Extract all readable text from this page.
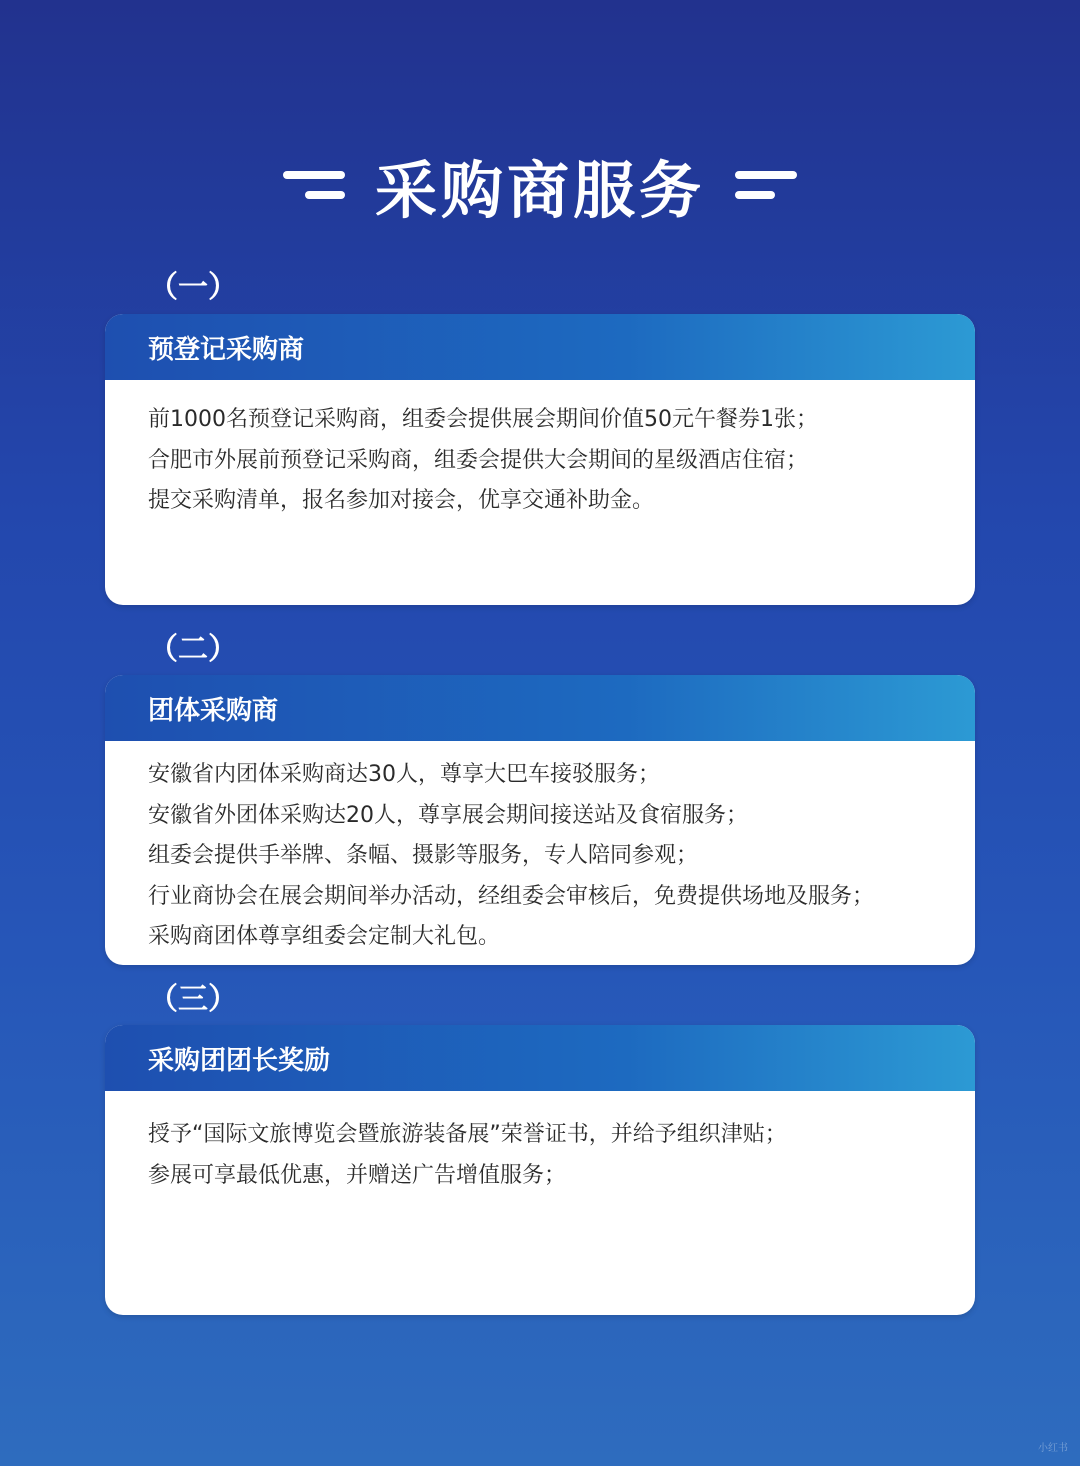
采购商服务
（一）
预登记采购商
前1000名预登记采购商，组委会提供展会期间价值50元午餐券1张；
合肥市外展前预登记采购商，组委会提供大会期间的星级酒店住宿；
提交采购清单，报名参加对接会，优享交通补助金。
（二）
团体采购商
安徽省内团体采购商达30人，尊享大巴车接驳服务；
安徽省外团体采购达20人，尊享展会期间接送站及食宿服务；
组委会提供手举牌、条幅、摄影等服务，专人陪同参观；
行业商协会在展会期间举办活动，经组委会审核后，免费提供场地及服务；
采购商团体尊享组委会定制大礼包。
（三）
采购团团长奖励
授予“国际文旅博览会暨旅游装备展”荣誉证书，并给予组织津贴；
参展可享最低优惠，并赠送广告增值服务；
小红书
